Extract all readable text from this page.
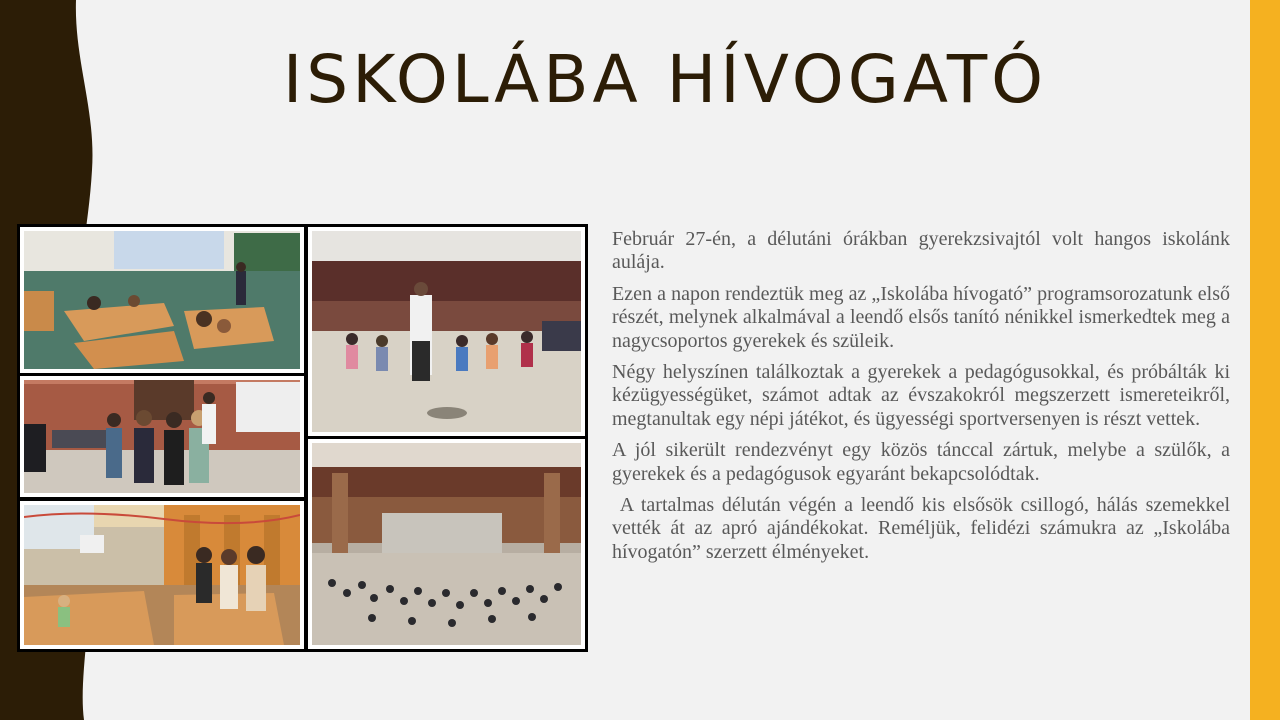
ISKOLÁBA HÍVOGATÓ

Február 27-én, a délutáni órákban gyerekzsivajtól volt hangos iskolánk aulája.

Ezen a napon rendeztük meg az „Iskolába hívogató” programsorozatunk első részét, melynek alkalmával a leendő elsős tanító nénikkel ismerkedtek meg a nagycsoportos gyerekek és szüleik.

Négy helyszínen találkoztak a gyerekek a pedagógusokkal, és próbálták ki kézügyességüket, számot adtak az évszakokról megszerzett ismereteikről, megtanultak egy népi játékot, és ügyességi sportversenyen is részt vettek.

A jól sikerült rendezvényt egy közös tánccal zártuk, melybe a szülők, a gyerekek és a pedagógusok egyaránt bekapcsolódtak.

A tartalmas délután végén a leendő kis elsősök csillogó, hálás szemekkel vették át az apró ajándékokat. Reméljük, felidézi számukra az „Iskolába hívogatón” szerzett élményeket.
